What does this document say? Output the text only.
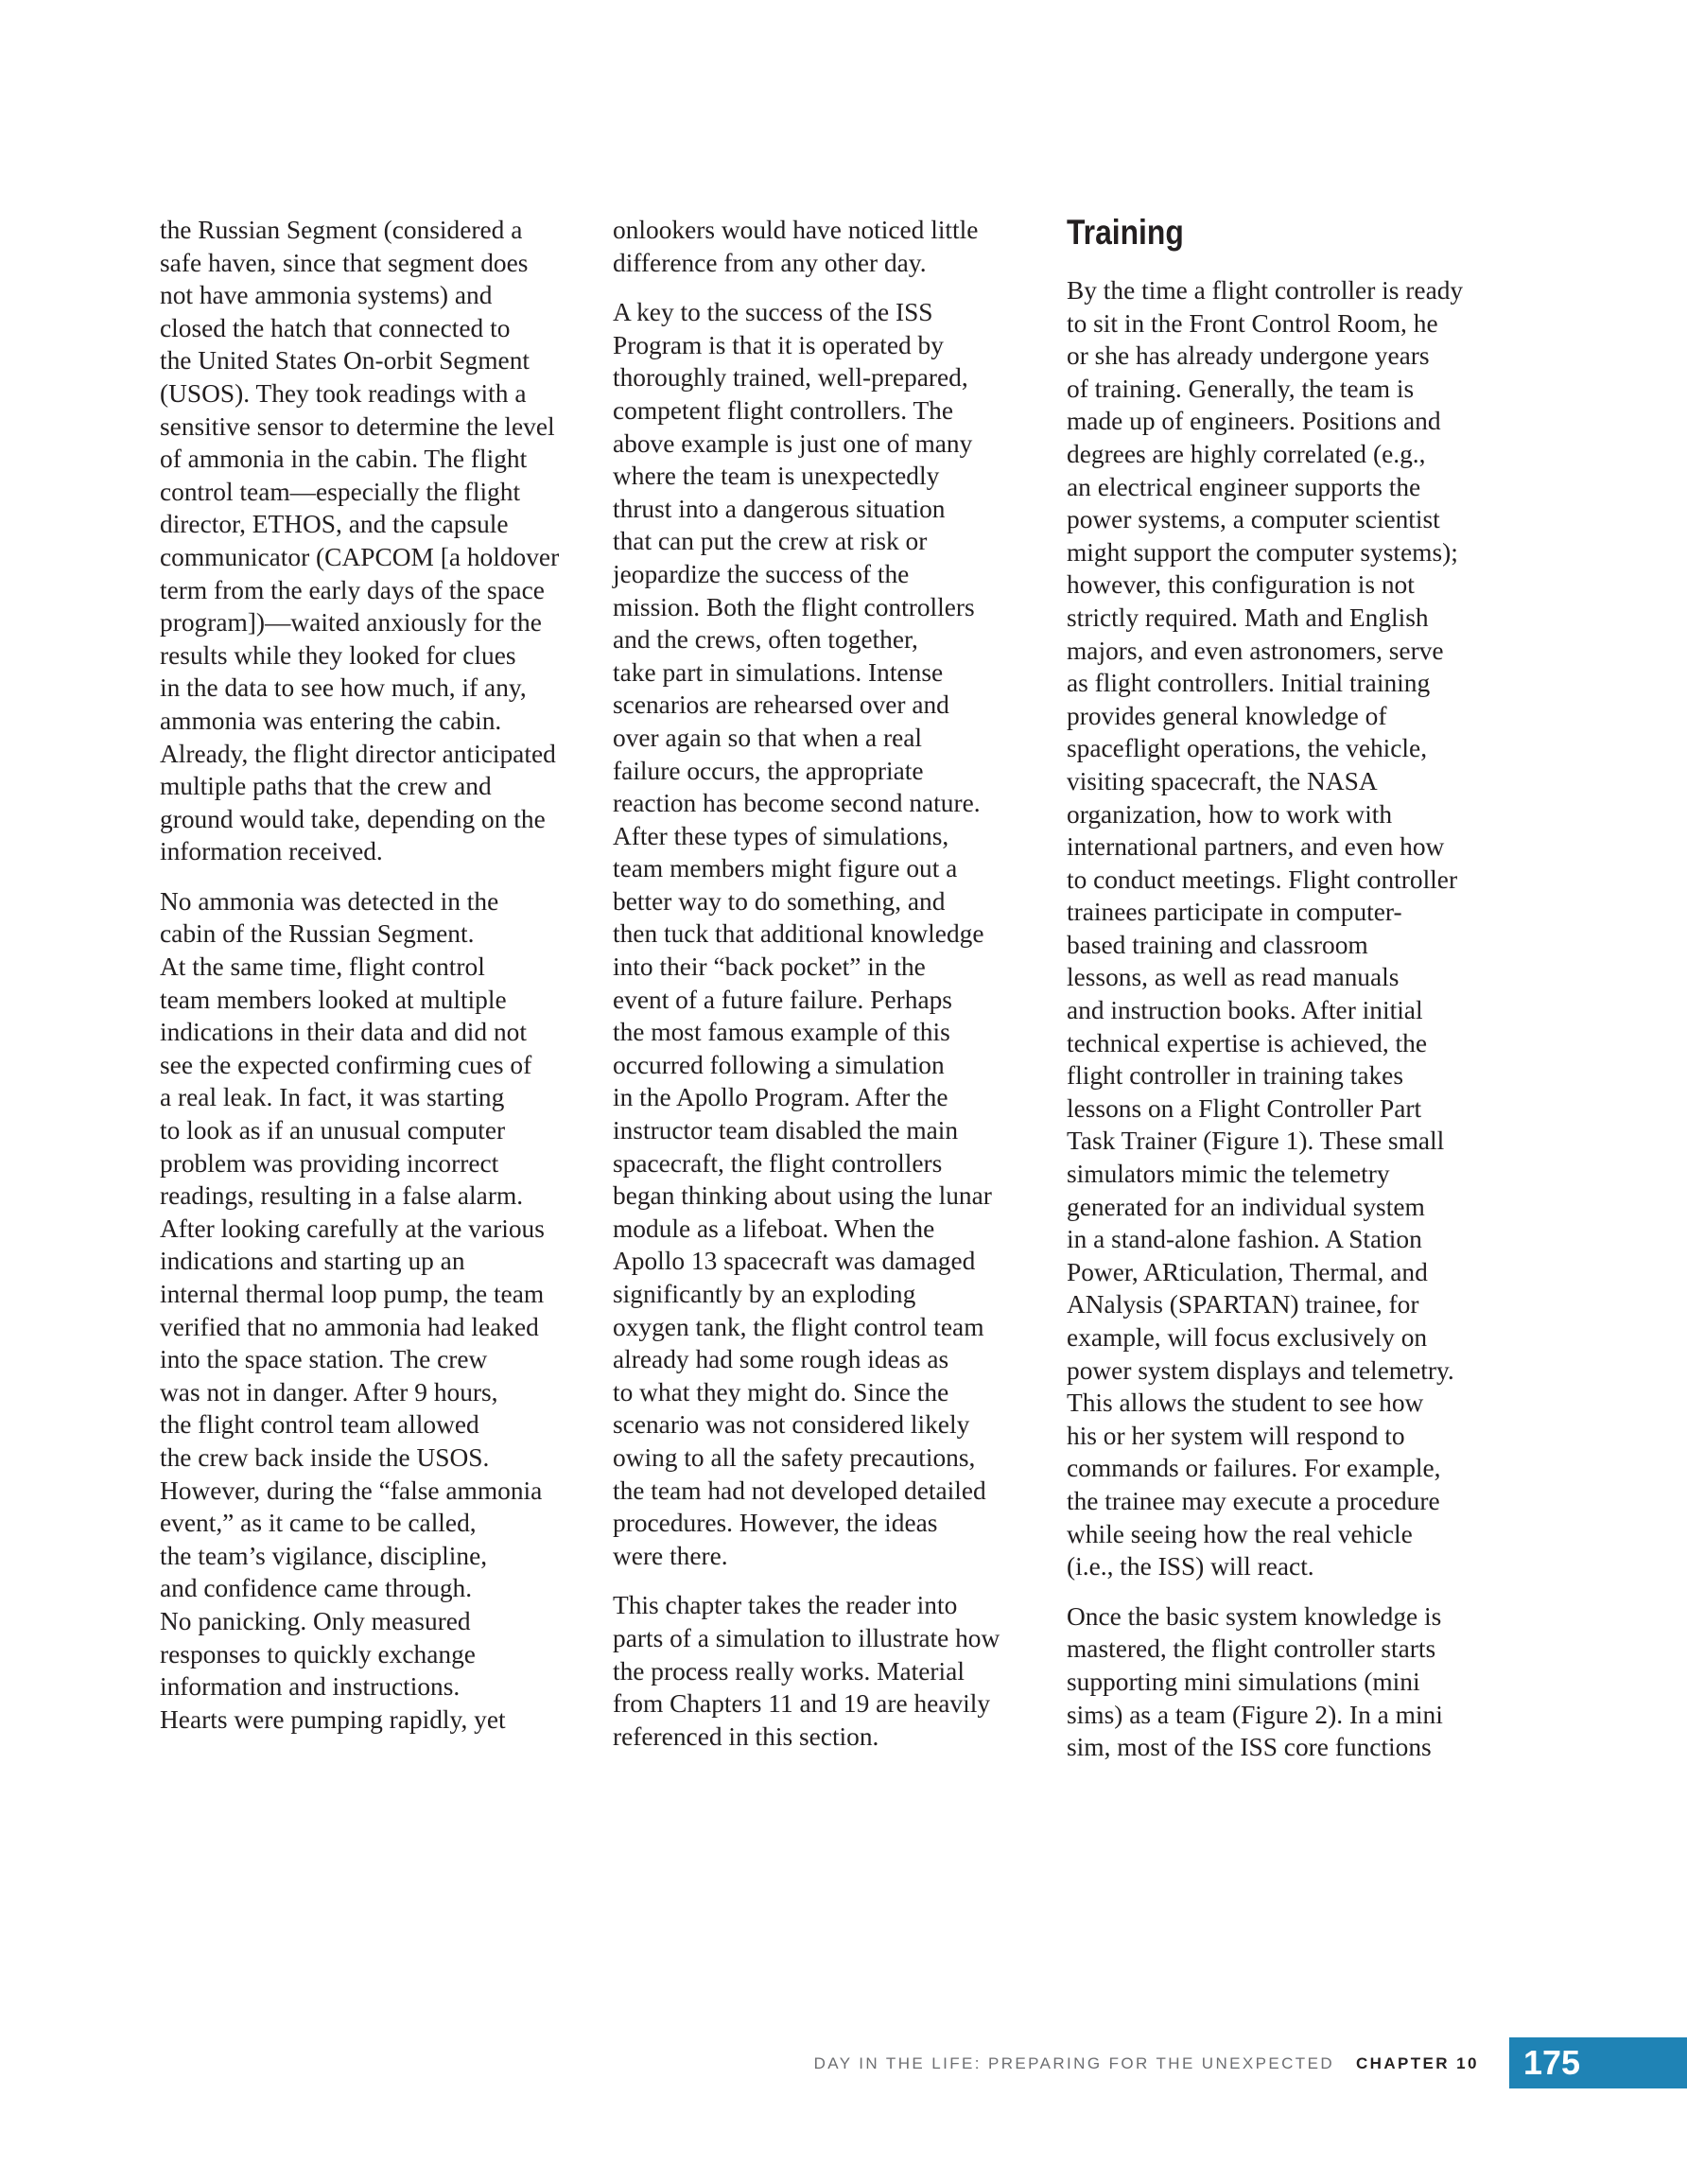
the Russian Segment (considered a
safe haven, since that segment does
not have ammonia systems) and
closed the hatch that connected to
the United States On-orbit Segment
(USOS). They took readings with a
sensitive sensor to determine the level
of ammonia in the cabin. The flight
control team—especially the flight
director, ETHOS, and the capsule
communicator (CAPCOM [a holdover
term from the early days of the space
program])—waited anxiously for the
results while they looked for clues
in the data to see how much, if any,
ammonia was entering the cabin.
Already, the flight director anticipated
multiple paths that the crew and
ground would take, depending on the
information received.
No ammonia was detected in the
cabin of the Russian Segment.
At the same time, flight control
team members looked at multiple
indications in their data and did not
see the expected confirming cues of
a real leak. In fact, it was starting
to look as if an unusual computer
problem was providing incorrect
readings, resulting in a false alarm.
After looking carefully at the various
indications and starting up an
internal thermal loop pump, the team
verified that no ammonia had leaked
into the space station. The crew
was not in danger. After 9 hours,
the flight control team allowed
the crew back inside the USOS.
However, during the “false ammonia
event,” as it came to be called,
the team’s vigilance, discipline,
and confidence came through.
No panicking. Only measured
responses to quickly exchange
information and instructions.
Hearts were pumping rapidly, yet
onlookers would have noticed little
difference from any other day.
A key to the success of the ISS
Program is that it is operated by
thoroughly trained, well-prepared,
competent flight controllers. The
above example is just one of many
where the team is unexpectedly
thrust into a dangerous situation
that can put the crew at risk or
jeopardize the success of the
mission. Both the flight controllers
and the crews, often together,
take part in simulations. Intense
scenarios are rehearsed over and
over again so that when a real
failure occurs, the appropriate
reaction has become second nature.
After these types of simulations,
team members might figure out a
better way to do something, and
then tuck that additional knowledge
into their “back pocket” in the
event of a future failure. Perhaps
the most famous example of this
occurred following a simulation
in the Apollo Program. After the
instructor team disabled the main
spacecraft, the flight controllers
began thinking about using the lunar
module as a lifeboat. When the
Apollo 13 spacecraft was damaged
significantly by an exploding
oxygen tank, the flight control team
already had some rough ideas as
to what they might do. Since the
scenario was not considered likely
owing to all the safety precautions,
the team had not developed detailed
procedures. However, the ideas
were there.
This chapter takes the reader into
parts of a simulation to illustrate how
the process really works. Material
from Chapters 11 and 19 are heavily
referenced in this section.
Training
By the time a flight controller is ready
to sit in the Front Control Room, he
or she has already undergone years
of training. Generally, the team is
made up of engineers. Positions and
degrees are highly correlated (e.g.,
an electrical engineer supports the
power systems, a computer scientist
might support the computer systems);
however, this configuration is not
strictly required. Math and English
majors, and even astronomers, serve
as flight controllers. Initial training
provides general knowledge of
spaceflight operations, the vehicle,
visiting spacecraft, the NASA
organization, how to work with
international partners, and even how
to conduct meetings. Flight controller
trainees participate in computer-
based training and classroom
lessons, as well as read manuals
and instruction books. After initial
technical expertise is achieved, the
flight controller in training takes
lessons on a Flight Controller Part
Task Trainer (Figure 1). These small
simulators mimic the telemetry
generated for an individual system
in a stand-alone fashion. A Station
Power, ARticulation, Thermal, and
ANalysis (SPARTAN) trainee, for
example, will focus exclusively on
power system displays and telemetry.
This allows the student to see how
his or her system will respond to
commands or failures. For example,
the trainee may execute a procedure
while seeing how the real vehicle
(i.e., the ISS) will react.
Once the basic system knowledge is
mastered, the flight controller starts
supporting mini simulations (mini
sims) as a team (Figure 2). In a mini
sim, most of the ISS core functions
DAY IN THE LIFE: PREPARING FOR THE UNEXPECTED CHAPTER 10 175
